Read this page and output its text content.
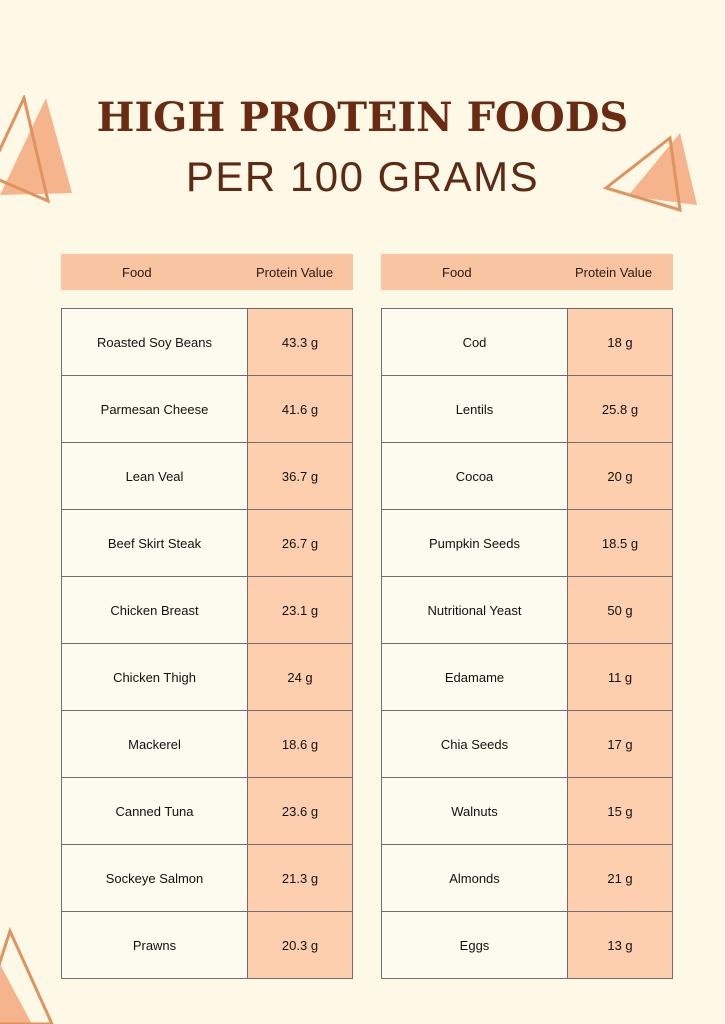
HIGH PROTEIN FOODS
PER 100 GRAMS
Food	Protein Value	Food	Protein Value
Roasted Soy Beans	43.3 g
Parmesan Cheese	41.6 g
Lean Veal	36.7 g
Beef Skirt Steak	26.7 g
Chicken Breast	23.1 g
Chicken Thigh	24 g
Mackerel	18.6 g
Canned Tuna	23.6 g
Sockeye Salmon	21.3 g
Prawns	20.3 g
Cod	18 g
Lentils	25.8 g
Cocoa	20 g
Pumpkin Seeds	18.5 g
Nutritional Yeast	50 g
Edamame	11 g
Chia Seeds	17 g
Walnuts	15 g
Almonds	21 g
Eggs	13 g
